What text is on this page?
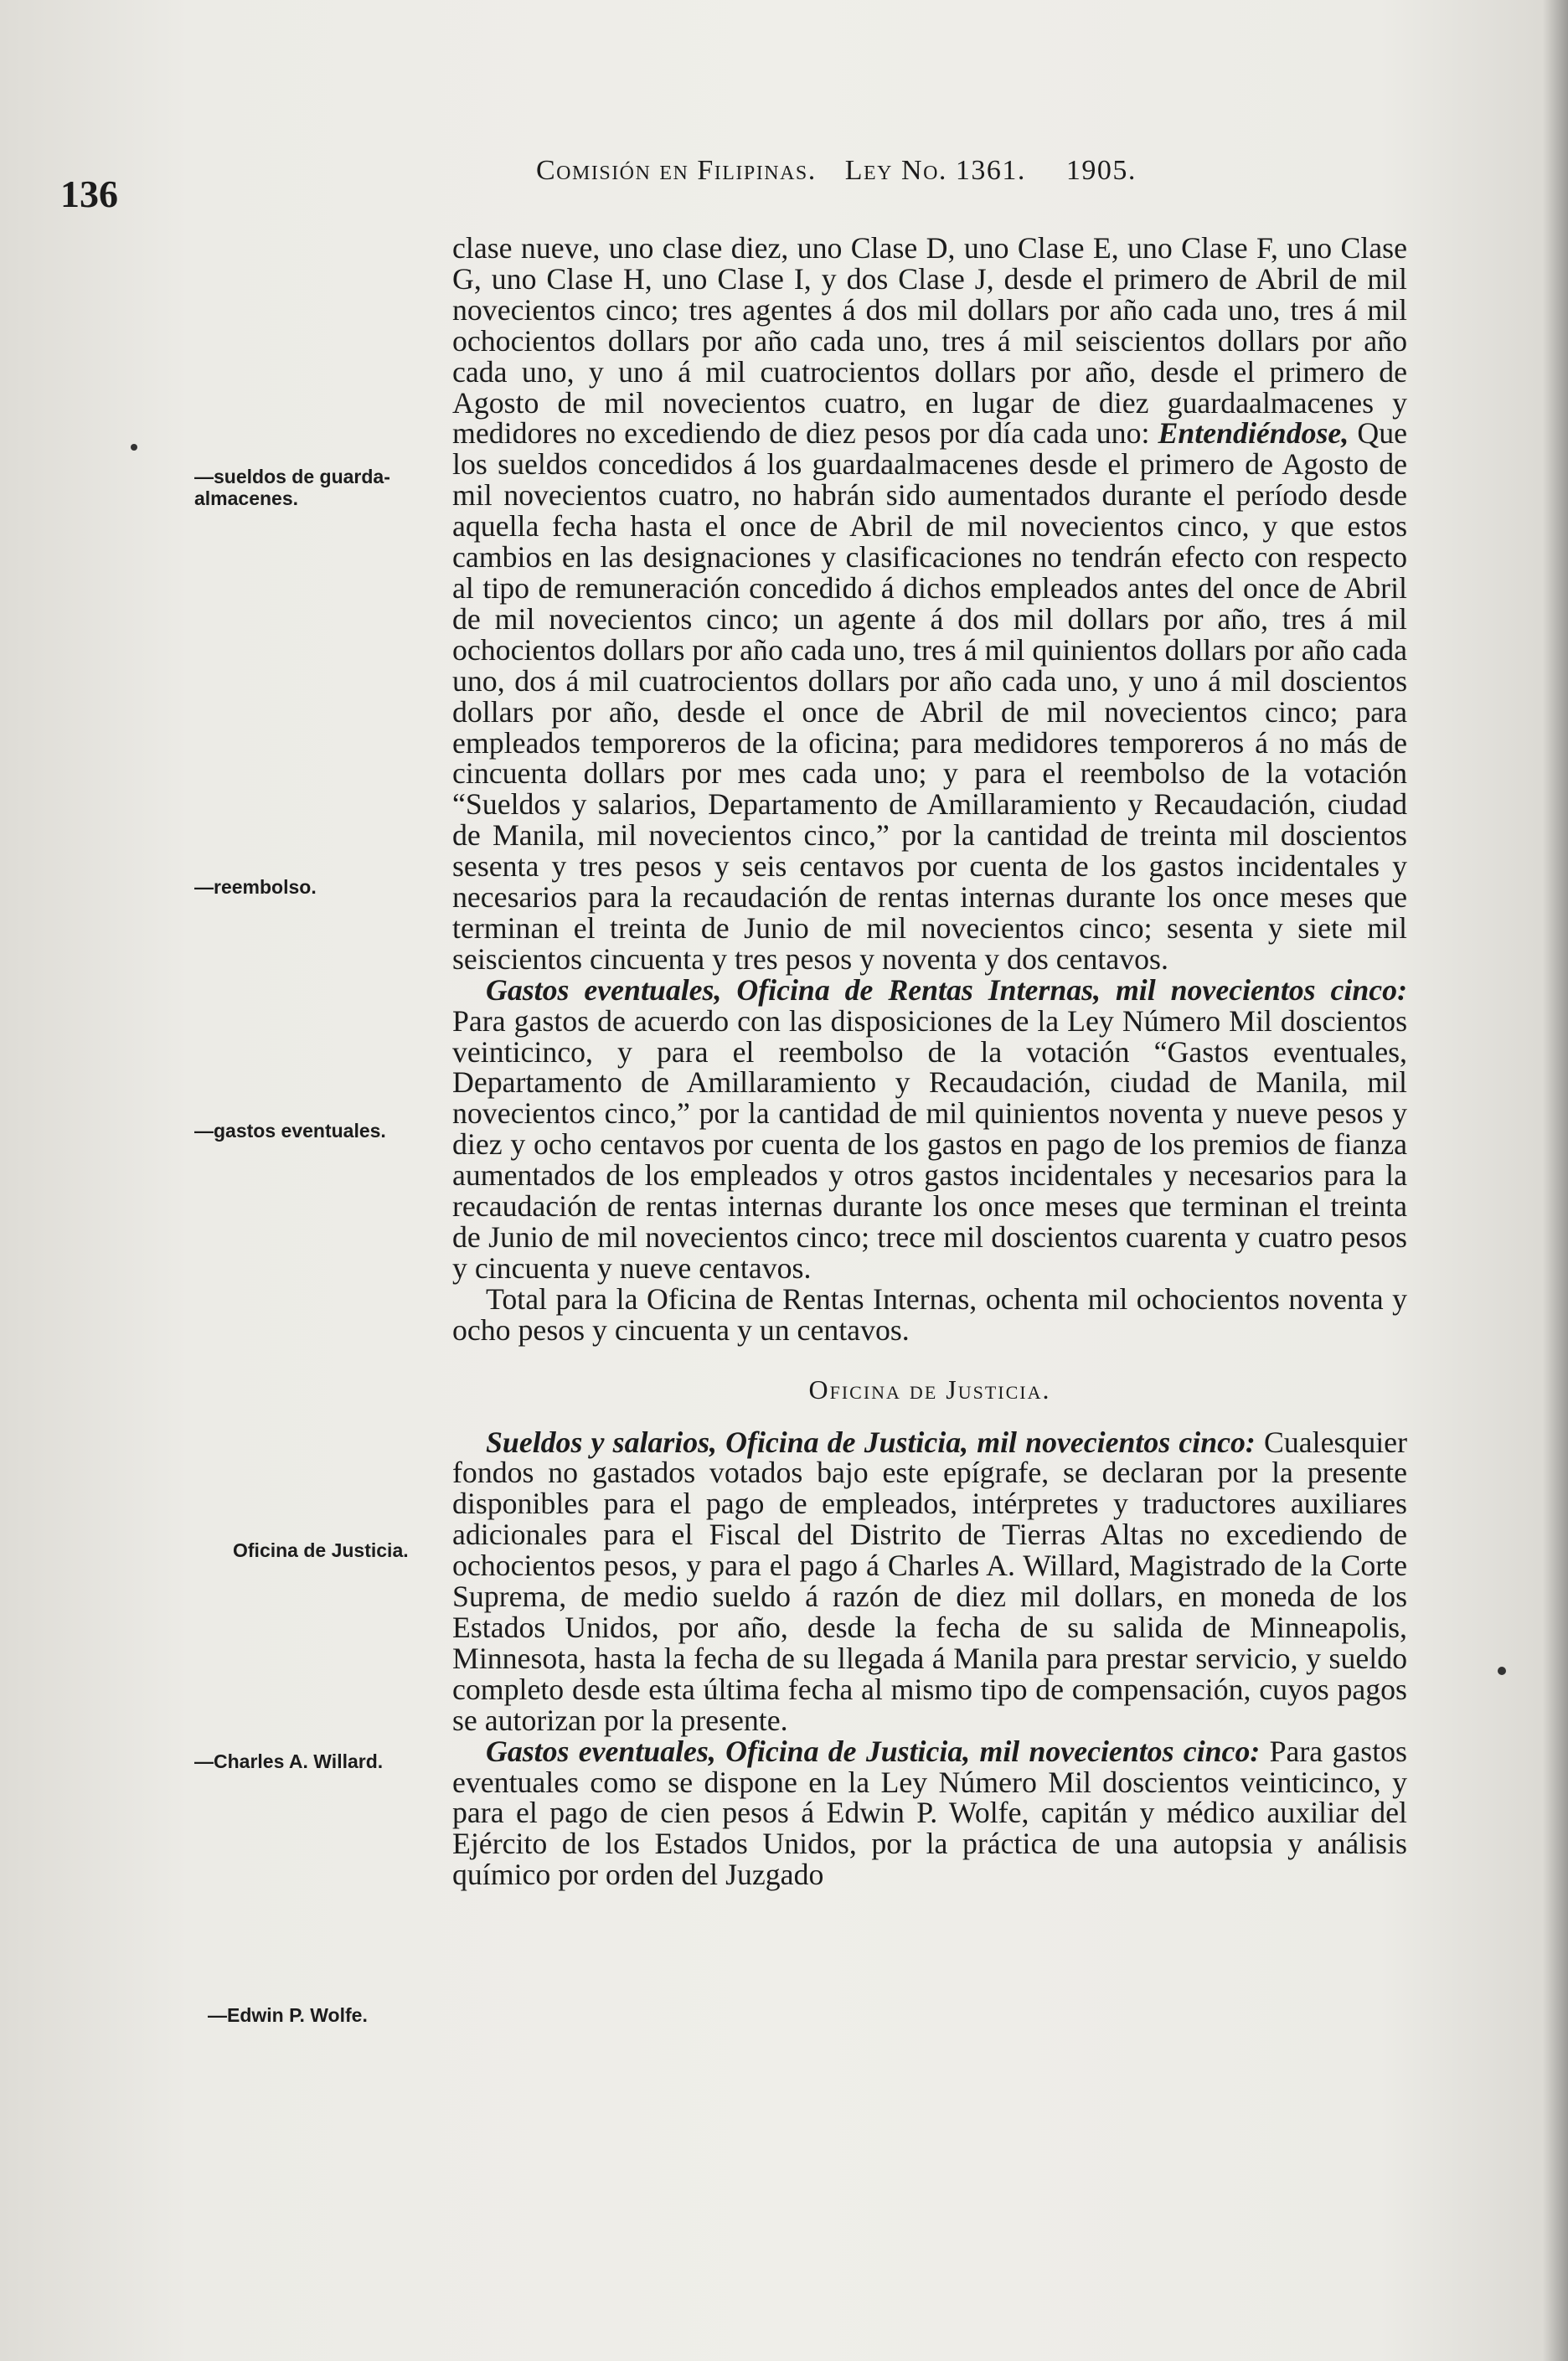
136
Comisión en Filipinas. Ley No. 1361. 1905.
—sueldos de guarda-almacenes.
—reembolso.
—gastos eventuales.
Oficina de Justicia.
—Charles A. Willard.
—Edwin P. Wolfe.

clase nueve, uno clase diez, uno Clase D, uno Clase E, uno Clase F, uno Clase G, uno Clase H, uno Clase I, y dos Clase J, desde el primero de Abril de mil novecientos cinco; tres agentes á dos mil dollars por año cada uno, tres á mil ochocientos dollars por año cada uno, tres á mil seiscientos dollars por año cada uno, y uno á mil cuatrocientos dollars por año, desde el primero de Agosto de mil novecientos cuatro, en lugar de diez guardaalmacenes y medidores no excediendo de diez pesos por día cada uno: Entendiéndose, Que los sueldos concedidos á los guardaalmacenes desde el primero de Agosto de mil novecientos cuatro, no habrán sido aumentados durante el período desde aquella fecha hasta el once de Abril de mil novecientos cinco, y que estos cambios en las designaciones y clasificaciones no tendrán efecto con respecto al tipo de remuneración concedido á dichos empleados antes del once de Abril de mil novecientos cinco; un agente á dos mil dollars por año, tres á mil ochocientos dollars por año cada uno, tres á mil quinientos dollars por año cada uno, dos á mil cuatrocientos dollars por año cada uno, y uno á mil doscientos dollars por año, desde el once de Abril de mil novecientos cinco; para empleados temporeros de la oficina; para medidores temporeros á no más de cincuenta dollars por mes cada uno; y para el reembolso de la votación “Sueldos y salarios, Departamento de Amillaramiento y Recaudación, ciudad de Manila, mil novecientos cinco,” por la cantidad de treinta mil doscientos sesenta y tres pesos y seis centavos por cuenta de los gastos incidentales y necesarios para la recaudación de rentas internas durante los once meses que terminan el treinta de Junio de mil novecientos cinco; sesenta y siete mil seiscientos cincuenta y tres pesos y noventa y dos centavos.

Gastos eventuales, Oficina de Rentas Internas, mil novecientos cinco: Para gastos de acuerdo con las disposiciones de la Ley Número Mil doscientos veinticinco, y para el reembolso de la votación “Gastos eventuales, Departamento de Amillaramiento y Recaudación, ciudad de Manila, mil novecientos cinco,” por la cantidad de mil quinientos noventa y nueve pesos y diez y ocho centavos por cuenta de los gastos en pago de los premios de fianza aumentados de los empleados y otros gastos incidentales y necesarios para la recaudación de rentas internas durante los once meses que terminan el treinta de Junio de mil novecientos cinco; trece mil doscientos cuarenta y cuatro pesos y cincuenta y nueve centavos.

Total para la Oficina de Rentas Internas, ochenta mil ochocientos noventa y ocho pesos y cincuenta y un centavos.

Oficina de Justicia.

Sueldos y salarios, Oficina de Justicia, mil novecientos cinco: Cualesquier fondos no gastados votados bajo este epígrafe, se declaran por la presente disponibles para el pago de empleados, intérpretes y traductores auxiliares adicionales para el Fiscal del Distrito de Tierras Altas no excediendo de ochocientos pesos, y para el pago á Charles A. Willard, Magistrado de la Corte Suprema, de medio sueldo á razón de diez mil dollars, en moneda de los Estados Unidos, por año, desde la fecha de su salida de Minneapolis, Minnesota, hasta la fecha de su llegada á Manila para prestar servicio, y sueldo completo desde esta última fecha al mismo tipo de compensación, cuyos pagos se autorizan por la presente.

Gastos eventuales, Oficina de Justicia, mil novecientos cinco: Para gastos eventuales como se dispone en la Ley Número Mil doscientos veinticinco, y para el pago de cien pesos á Edwin P. Wolfe, capitán y médico auxiliar del Ejército de los Estados Unidos, por la práctica de una autopsia y análisis químico por orden del Juzgado
